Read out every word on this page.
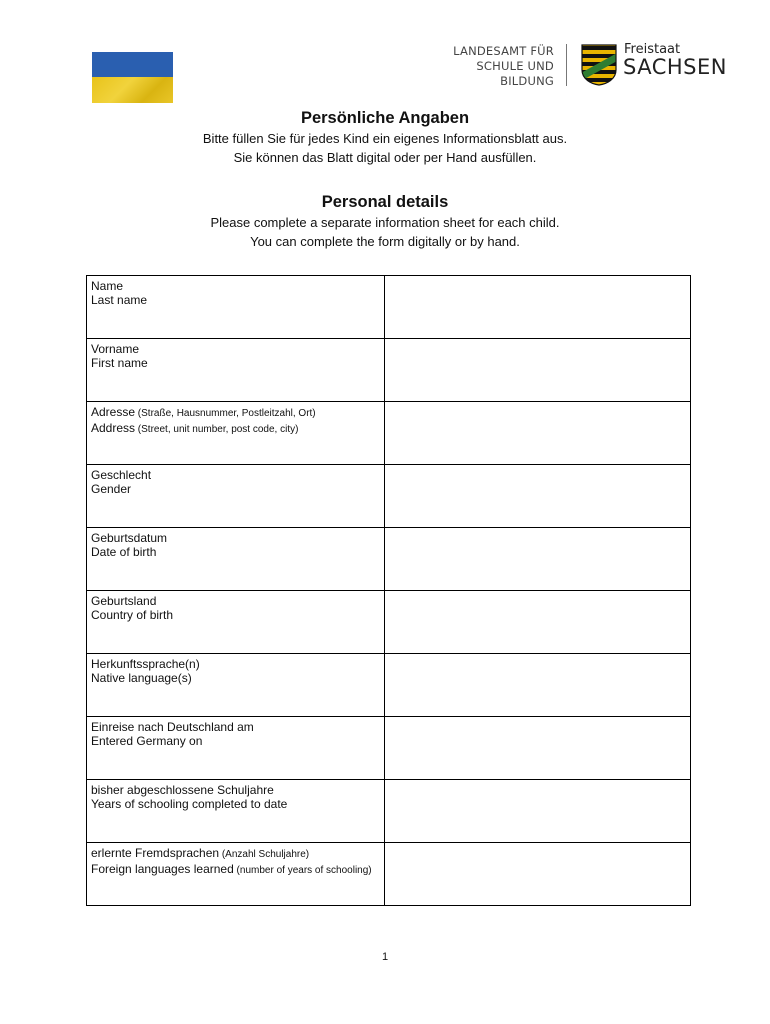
LANDESAMT FÜR
SCHULE UND BILDUNG
Freistaat
SACHSEN
Persönliche Angaben
Bitte füllen Sie für jedes Kind ein eigenes Informationsblatt aus.
Sie können das Blatt digital oder per Hand ausfüllen.
Personal details
Please complete a separate information sheet for each child.
You can complete the form digitally or by hand.
Name
Last name	

Vorname
First name	

Adresse (Straße, Hausnummer, Postleitzahl, Ort)
Address (Street, unit number, post code, city)	

Geschlecht
Gender	

Geburtsdatum
Date of birth	

Geburtsland
Country of birth	

Herkunftssprache(n)
Native language(s)	

Einreise nach Deutschland am
Entered Germany on	

bisher abgeschlossene Schuljahre
Years of schooling completed to date	

erlernte Fremdsprachen (Anzahl Schuljahre)
Foreign languages learned (number of years of schooling)	

1
